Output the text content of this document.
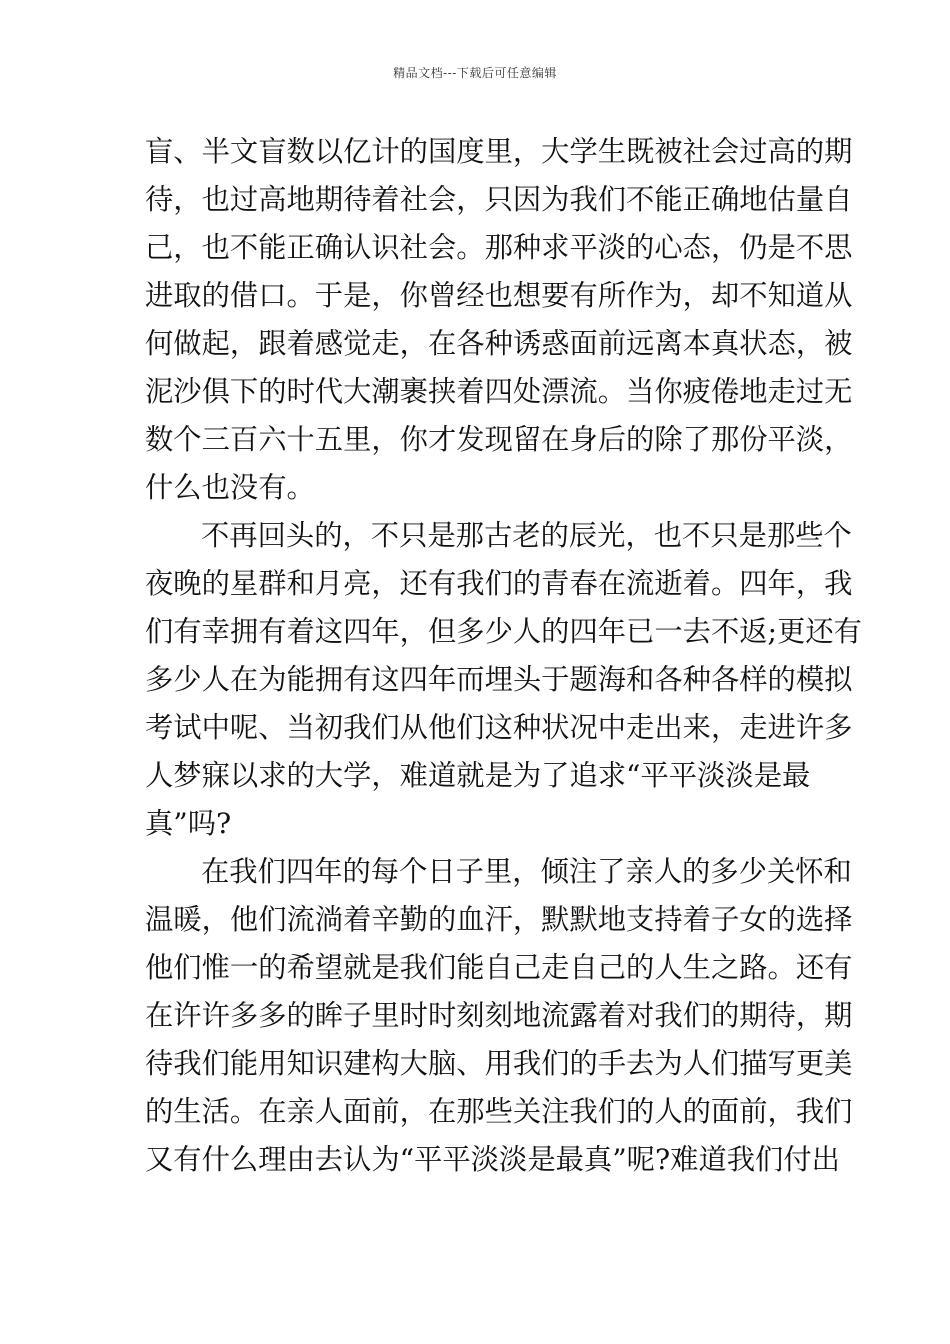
精品文档---下载后可任意编辑
盲、半文盲数以亿计的国度里，大学生既被社会过高的期
待，也过高地期待着社会，只因为我们不能正确地估量自
己，也不能正确认识社会。那种求平淡的心态，仍是不思
进取的借口。于是，你曾经也想要有所作为，却不知道从
何做起，跟着感觉走，在各种诱惑面前远离本真状态，被
泥沙俱下的时代大潮裹挟着四处漂流。当你疲倦地走过无
数个三百六十五里，你才发现留在身后的除了那份平淡，
什么也没有。
不再回头的，不只是那古老的辰光，也不只是那些个
夜晚的星群和月亮，还有我们的青春在流逝着。四年，我
们有幸拥有着这四年，但多少人的四年已一去不返;更还有
多少人在为能拥有这四年而埋头于题海和各种各样的模拟
考试中呢、当初我们从他们这种状况中走出来，走进许多
人梦寐以求的大学，难道就是为了追求“平平淡淡是最
真”吗?
在我们四年的每个日子里，倾注了亲人的多少关怀和
温暖，他们流淌着辛勤的血汗，默默地支持着子女的选择
他们惟一的希望就是我们能自己走自己的人生之路。还有
在许许多多的眸子里时时刻刻地流露着对我们的期待，期
待我们能用知识建构大脑、用我们的手去为人们描写更美
的生活。在亲人面前，在那些关注我们的人的面前，我们
又有什么理由去认为“平平淡淡是最真”呢?难道我们付出
